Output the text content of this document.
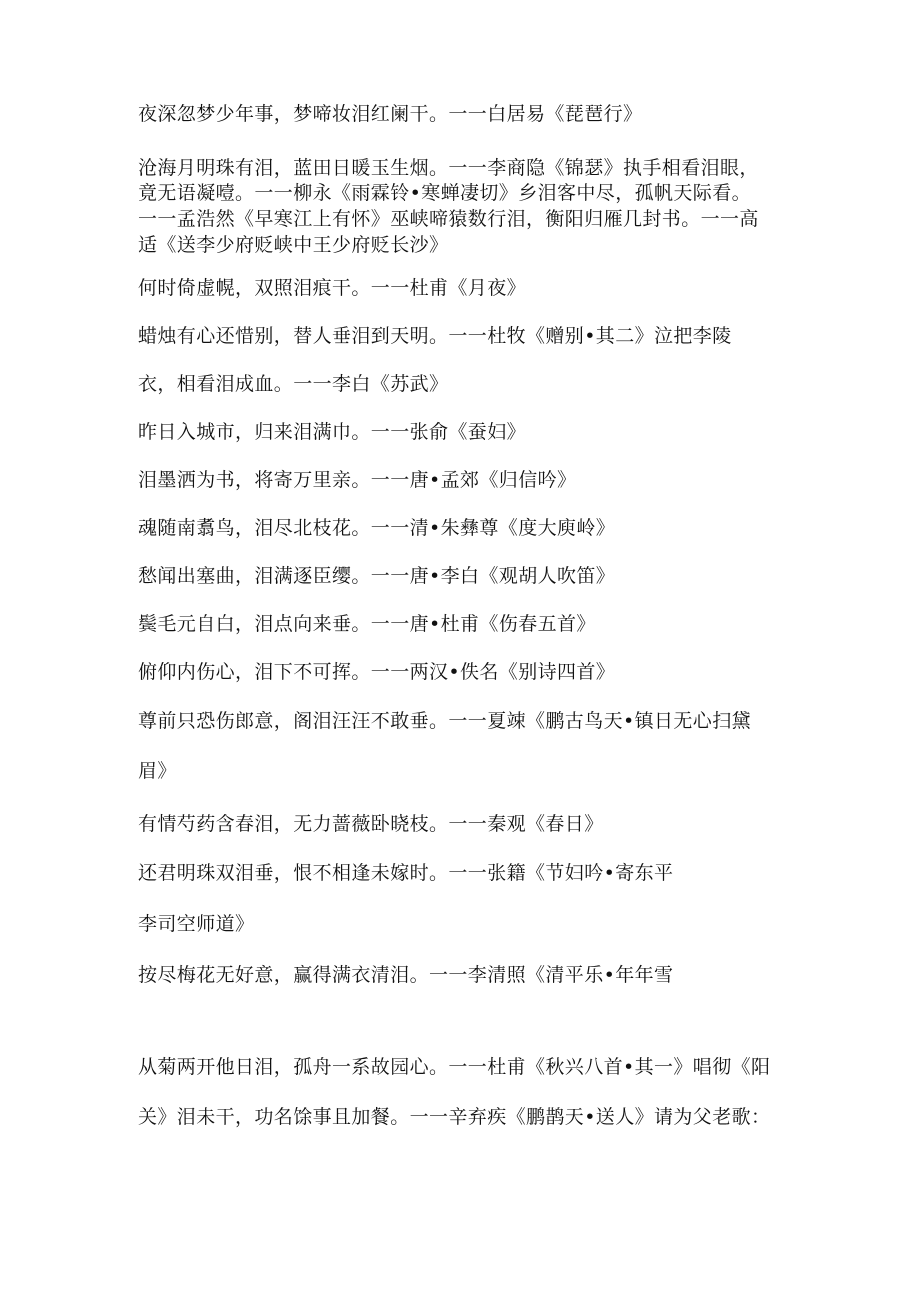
夜深忽梦少年事，梦啼妆泪红阑干。一一白居易《琵琶行》
沧海月明珠有泪，蓝田日暖玉生烟。一一李商隐《锦瑟》执手相看泪眼，
竟无语凝噎。一一柳永《雨霖铃•寒蝉凄切》乡泪客中尽，孤帆天际看。
一一孟浩然《早寒江上有怀》巫峡啼猿数行泪，衡阳归雁几封书。一一高
适《送李少府贬峡中王少府贬长沙》
何时倚虚幌，双照泪痕干。一一杜甫《月夜》
蜡烛有心还惜别，替人垂泪到天明。一一杜牧《赠别•其二》泣把李陵
衣，相看泪成血。一一李白《苏武》
昨日入城市，归来泪满巾。一一张俞《蚕妇》
泪墨洒为书，将寄万里亲。一一唐•孟郊《归信吟》
魂随南翥鸟，泪尽北枝花。一一清•朱彝尊《度大庾岭》
愁闻出塞曲，泪满逐臣缨。一一唐•李白《观胡人吹笛》
鬓毛元自白，泪点向来垂。一一唐•杜甫《伤春五首》
俯仰内伤心，泪下不可挥。一一两汉•佚名《别诗四首》
尊前只恐伤郎意，阁泪汪汪不敢垂。一一夏竦《鹏古鸟天•镇日无心扫黛
眉》
有情芍药含春泪，无力蔷薇卧晓枝。一一秦观《春日》
还君明珠双泪垂，恨不相逢未嫁时。一一张籍《节妇吟•寄东平
李司空师道》
按尽梅花无好意，赢得满衣清泪。一一李清照《清平乐•年年雪
从菊两开他日泪，孤舟一系故园心。一一杜甫《秋兴八首•其一》唱彻《阳
关》泪未干，功名馀事且加餐。一一辛弃疾《鹏鹊天•送人》请为父老歌：
